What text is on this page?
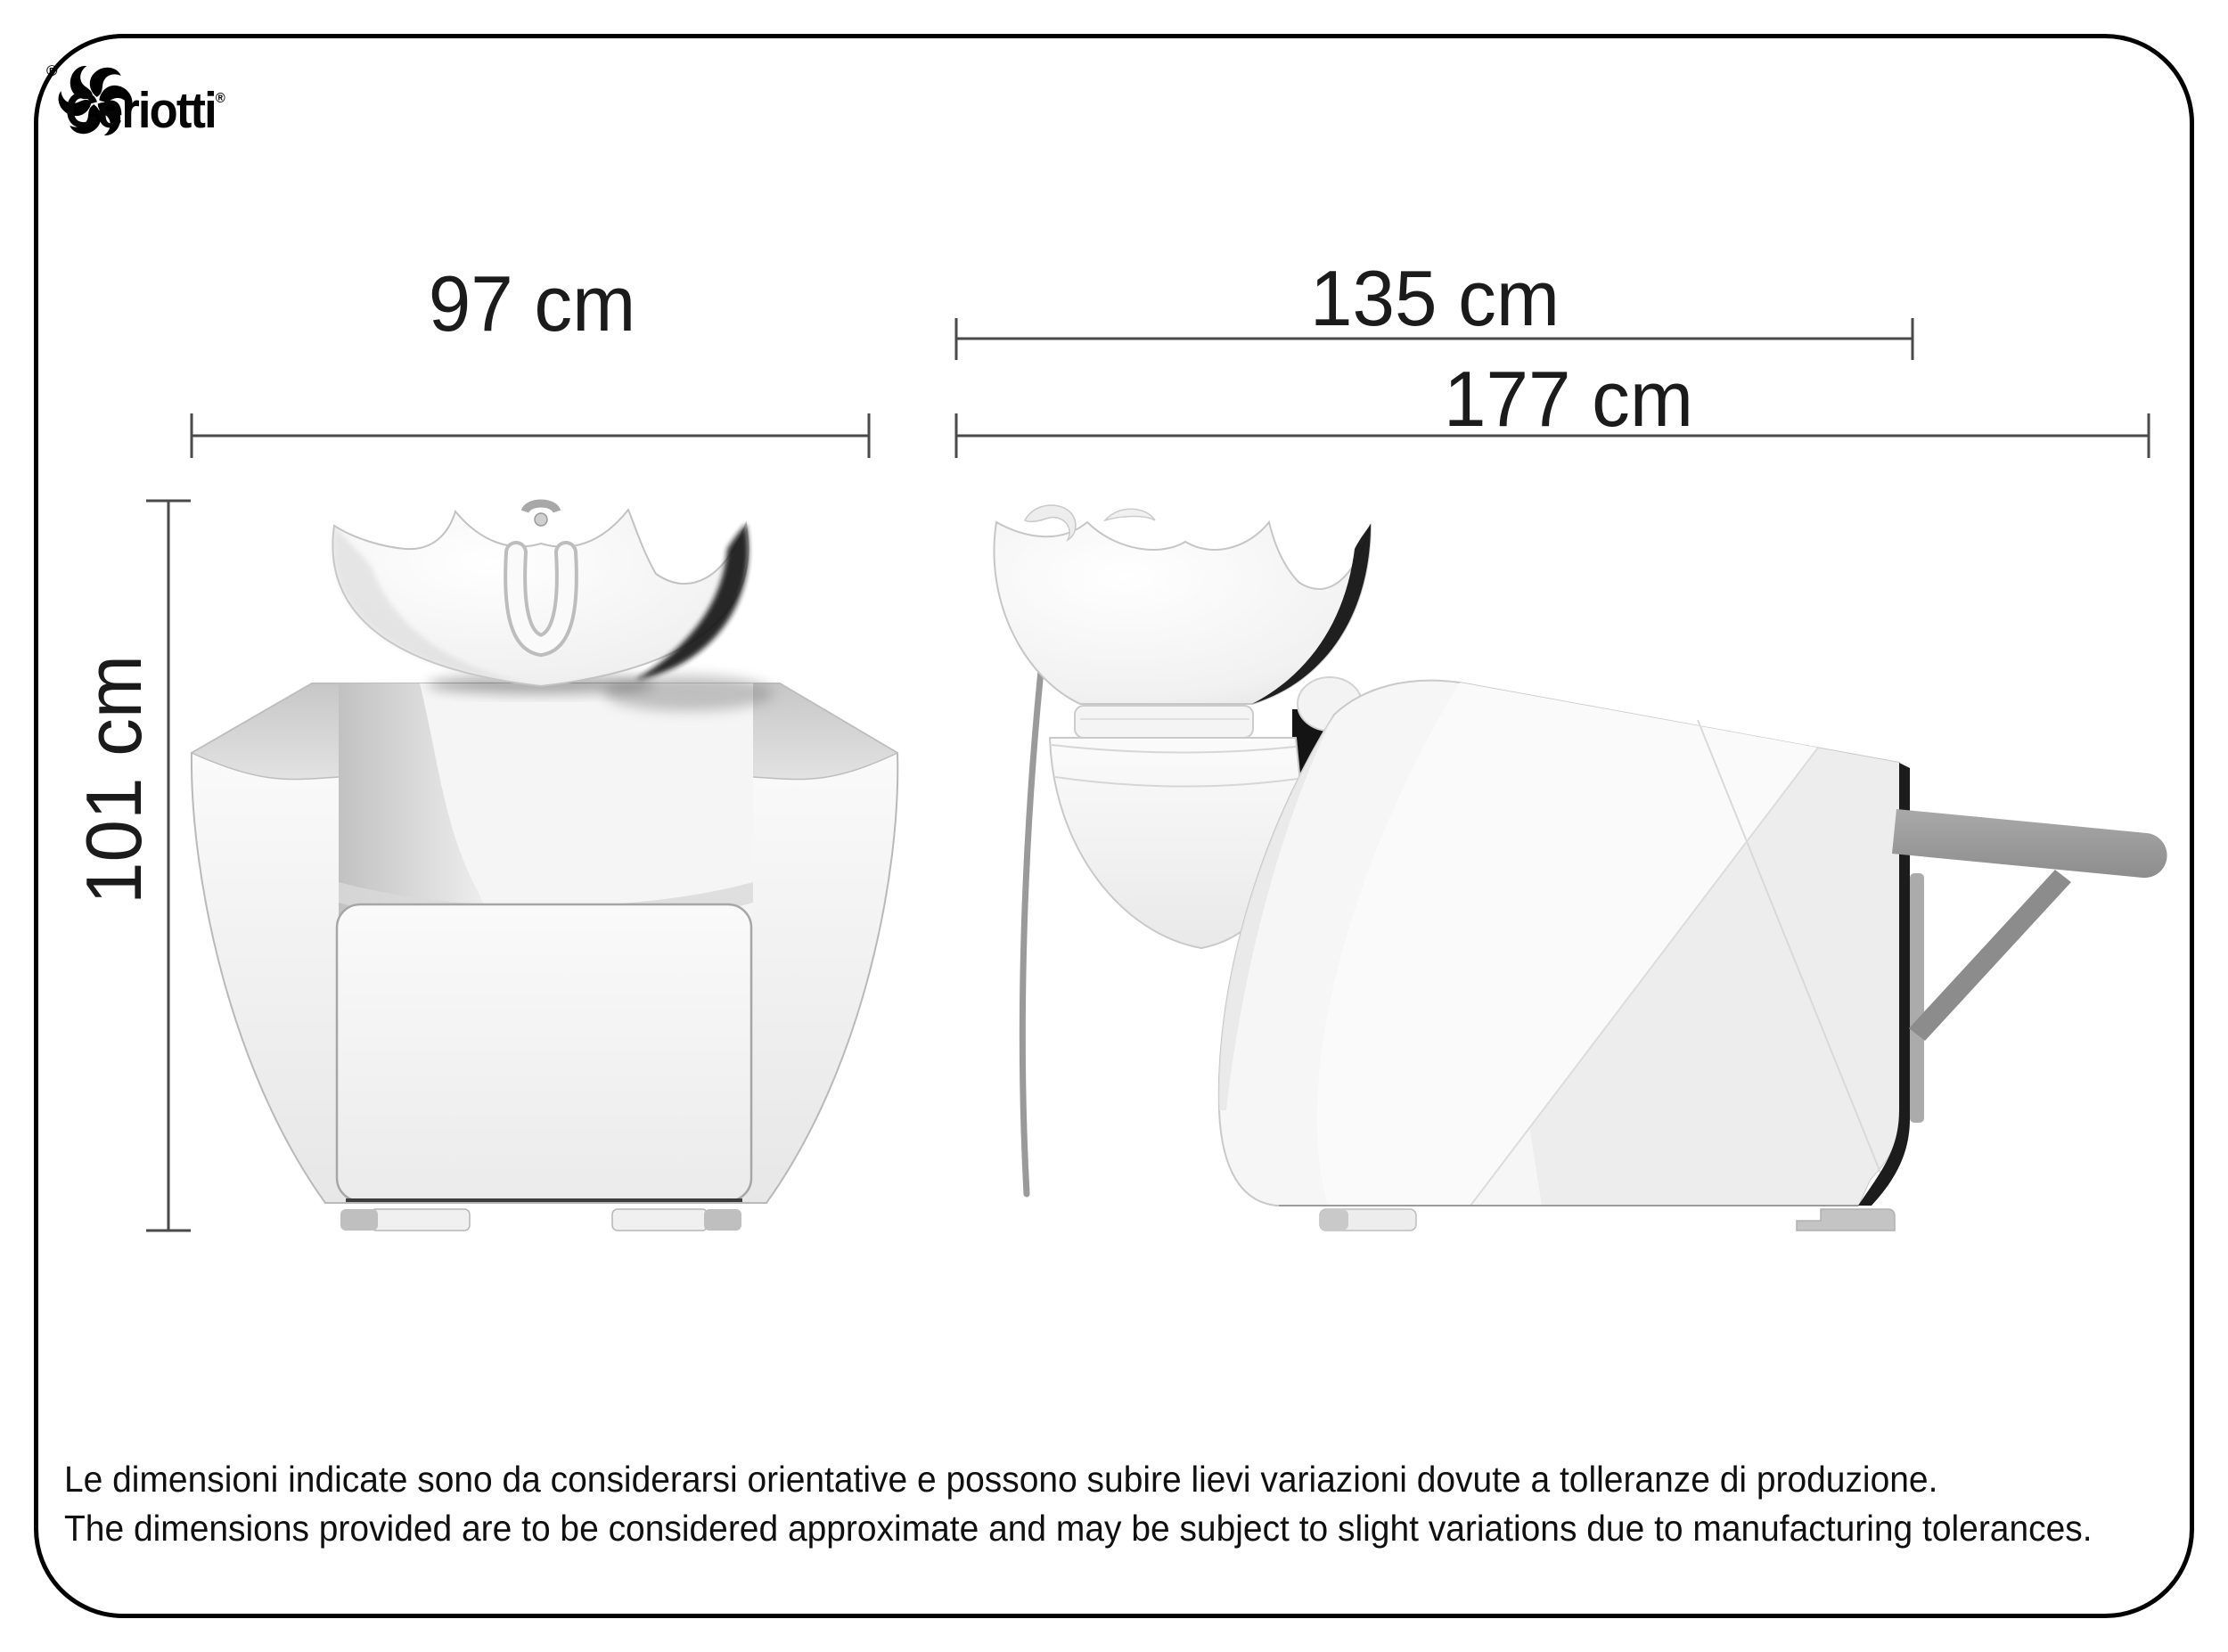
®
Ceriotti®
135 cm
97 cm
177 cm
101 cm
Le dimensioni indicate sono da considerarsi orientative e possono subire lievi variazioni dovute a tolleranze di produzione.
The dimensions provided are to be considered approximate and may be subject to slight variations due to manufacturing tolerances.
